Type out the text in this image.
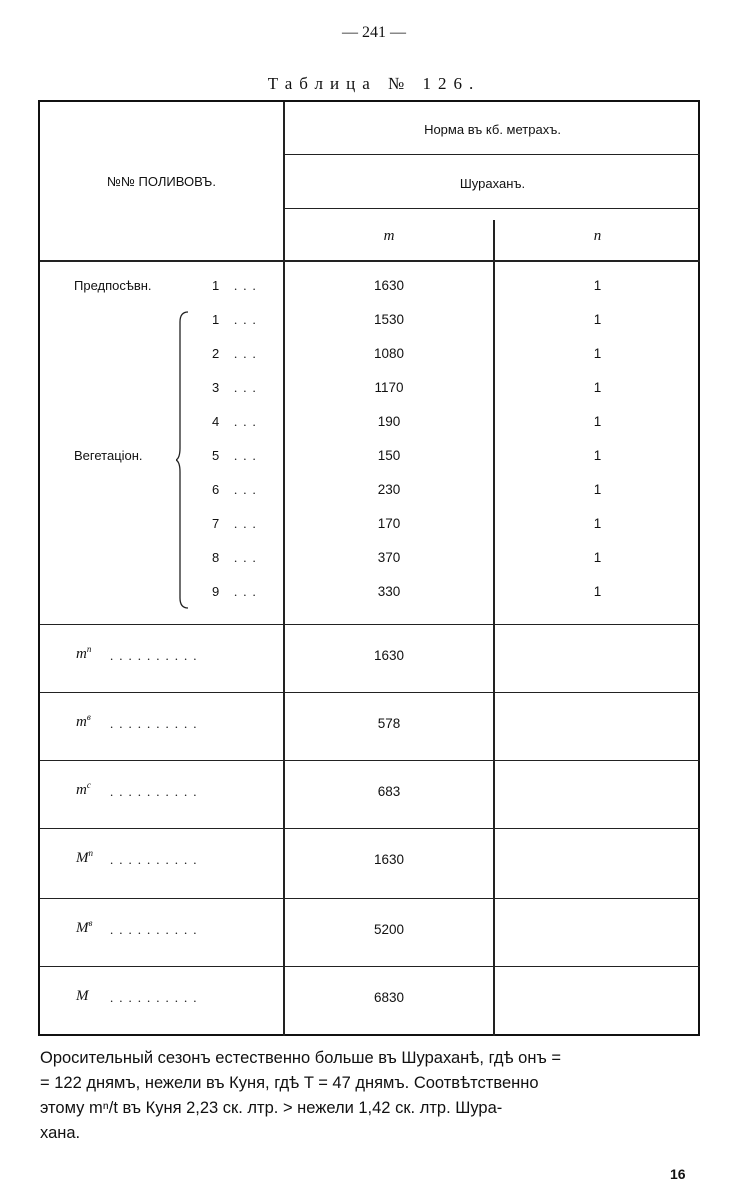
— 241 —
Таблица № 126.
№№ ПОЛИВОВЪ.
Норма въ кб. метрахъ.
Шураханъ.
m	n
Предпосѣвн.	1 ...	1630	1
1 ...	1530	1
2 ...	1080	1
3 ...	1170	1
4 ...	190	1
Вегетаціон.	5 ...	150	1
6 ...	230	1
7 ...	170	1
8 ...	370	1
9 ...	330	1
$m^п$ ..........	1630
$m^в$ ..........	578
$m^с$ ..........	683
$M^п$ ..........	1630
$M^в$ ..........	5200
M ..........	6830
Оросительный сезонъ естественно больше въ Шураханѣ, гдѣ онъ =
= 122 днямъ, нежели въ Куня, гдѣ T = 47 днямъ. Соотвѣтственно
этому mⁿ/t въ Куня 2,23 ск. лтр. > нежели 1,42 ск. лтр. Шура-
хана.
16
